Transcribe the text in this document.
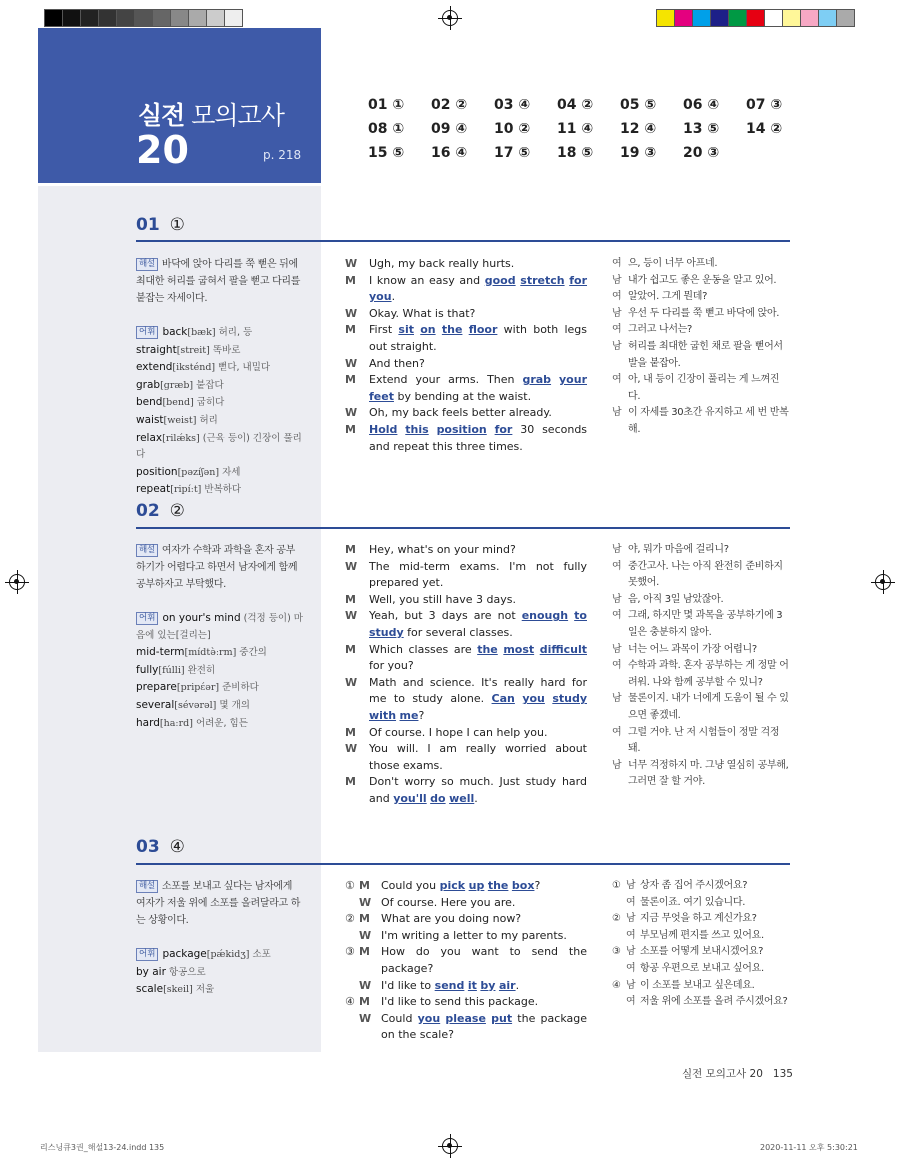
실전 모의고사
20	p. 218
01 ① 02 ② 03 ④ 04 ② 05 ⑤ 06 ④ 07 ③
08 ① 09 ④ 10 ② 11 ④ 12 ④ 13 ⑤ 14 ②
15 ⑤ 16 ④ 17 ⑤ 18 ⑤ 19 ③ 20 ③
01 ①
해설 바닥에 앉아 다리를 쭉 뻗은 뒤에 최대한 허리를 굽혀서 팔을 뻗고 다리를 붙잡는 자세이다.
어휘 back[bæk] 허리, 등
straight[streit] 똑바로
extend[iksténd] 뻗다, 내밀다
grab[græb] 붙잡다
bend[bend] 굽히다
waist[weist] 허리
relax[rilǽks] (근육 등이) 긴장이 풀리다
position[pəzíʃən] 자세
repeat[ripíːt] 반복하다
W Ugh, my back really hurts.
M I know an easy and good stretch for you.
W Okay. What is that?
M First sit on the floor with both legs out straight.
W And then?
M Extend your arms. Then grab your feet by bending at the waist.
W Oh, my back feels better already.
M Hold this position for 30 seconds and repeat this three times.
여 으, 등이 너무 아프네.
남 내가 쉽고도 좋은 운동을 알고 있어.
여 알았어. 그게 뭔데?
남 우선 두 다리를 쭉 뻗고 바닥에 앉아.
여 그러고 나서는?
남 허리를 최대한 굽힌 채로 팔을 뻗어서 발을 붙잡아.
여 아, 내 등이 긴장이 풀리는 게 느껴진다.
남 이 자세를 30초간 유지하고 세 번 반복해.
02 ②
해설 여자가 수학과 과학을 혼자 공부하기가 어렵다고 하면서 남자에게 함께 공부하자고 부탁했다.
어휘 on your's mind (걱정 등이) 마음에 있는[걸리는]
mid-term[mídtə̀ːrm] 중간의
fully[fúlli] 완전히
prepare[pripɛ́ər] 준비하다
several[sévərəl] 몇 개의
hard[haːrd] 어려운, 힘든
M Hey, what's on your mind?
W The mid-term exams. I'm not fully prepared yet.
M Well, you still have 3 days.
W Yeah, but 3 days are not enough to study for several classes.
M Which classes are the most difficult for you?
W Math and science. It's really hard for me to study alone. Can you study with me?
M Of course. I hope I can help you.
W You will. I am really worried about those exams.
M Don't worry so much. Just study hard and you'll do well.
남 야, 뭐가 마음에 걸리니?
여 중간고사. 나는 아직 완전히 준비하지 못했어.
남 음, 아직 3일 남았잖아.
여 그래, 하지만 몇 과목을 공부하기에 3일은 충분하지 않아.
남 너는 어느 과목이 가장 어렵니?
여 수학과 과학. 혼자 공부하는 게 정말 어려워. 나와 함께 공부할 수 있니?
남 물론이지. 내가 너에게 도움이 될 수 있으면 좋겠네.
여 그럴 거야. 난 저 시험들이 정말 걱정돼.
남 너무 걱정하지 마. 그냥 열심히 공부해, 그러면 잘 할 거야.
03 ④
해설 소포를 보내고 싶다는 남자에게 여자가 저울 위에 소포를 올려달라고 하는 상황이다.
어휘 package[pǽkidʒ] 소포
by air 항공으로
scale[skeil] 저울
① M Could you pick up the box?
W Of course. Here you are.
② M What are you doing now?
W I'm writing a letter to my parents.
③ M How do you want to send the package?
W I'd like to send it by air.
④ M I'd like to send this package.
W Could you please put the package on the scale?
① 남 상자 좀 집어 주시겠어요?
여 물론이죠. 여기 있습니다.
② 남 지금 무엇을 하고 계신가요?
여 부모님께 편지를 쓰고 있어요.
③ 남 소포를 어떻게 보내시겠어요?
여 항공 우편으로 보내고 싶어요.
④ 남 이 소포를 보내고 싶은데요.
여 저울 위에 소포를 올려 주시겠어요?
실전 모의고사 20 135
리스닝큐3권_해설13-24.indd 135	2020-11-11 오후 5:30:21
